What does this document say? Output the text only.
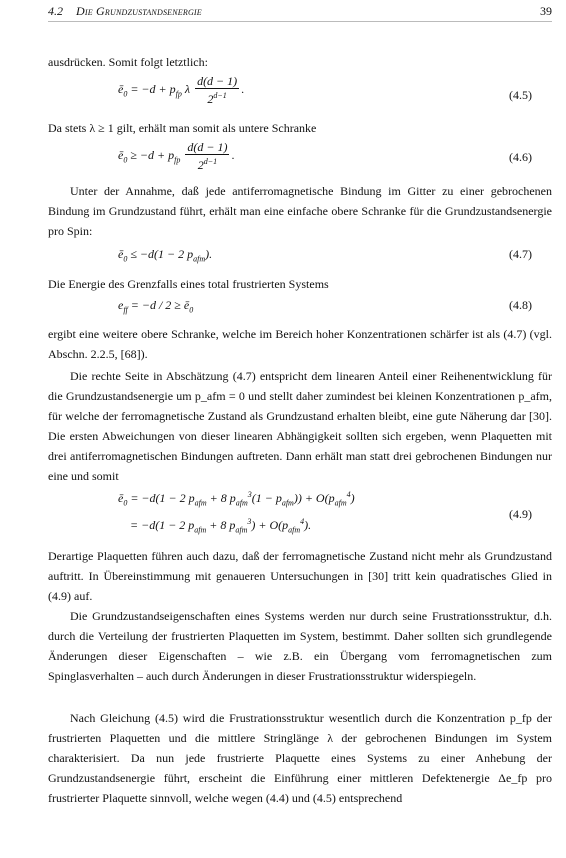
4.2 Die Grundzustandsenergie	39
ausdrücken. Somit folgt letztlich:
$ē_0 = -d + p_{fp}$ λ $\frac{d(d - 1)}{2^{d-1}}$ .	(4.5)
Da stets λ ≥ 1 gilt, erhält man somit als untere Schranke
$ē_0 \ge -d + p_{fp} \frac{d(d - 1)}{2^{d-1}}$ .	(4.6)
Unter der Annahme, daß jede antiferromagnetische Bindung im Gitter zu einer gebrochenen Bindung im Grundzustand führt, erhält man eine einfache obere Schranke für die Grundzustandsenergie pro Spin:
$ē_0 \le -d(1 - 2$ $p_{afm}$).	(4.7)
Die Energie des Grenzfalls eines total frustrierten Systems
$e_{ff} = -d / 2$ ≥ $ē_0$	(4.8)
ergibt eine weitere obere Schranke, welche im Bereich hoher Konzentrationen schärfer ist als (4.7) (vgl. Abschn. 2.2.5, [68]).
Die rechte Seite in Abschätzung (4.7) entspricht dem linearen Anteil einer Reihenentwicklung für die Grundzustandsenergie um p_afm = 0 und stellt daher zumindest bei kleinen Konzentrationen p_afm, für welche der ferromagnetische Zustand als Grundzustand erhalten bleibt, eine gute Näherung dar [30]. Die ersten Abweichungen von dieser linearen Abhängigkeit sollten sich ergeben, wenn Plaquetten mit drei antiferromagnetischen Bindungen auftreten. Dann erhält man statt drei gebrochenen Bindungen nur eine und somit
$ē_0 = -d(1 - 2$ $p_{afm} + 8$ $p_{afm}^3(1 - p_{afm})) + O(p_{afm}^4)$
= −d(1 − 2 $p_{afm} + 8$ $p_{afm}^3) + O(p_{afm}^4)$.
(4.9)
Derartige Plaquetten führen auch dazu, daß der ferromagnetische Zustand nicht mehr als Grundzustand auftritt. In Übereinstimmung mit genaueren Untersuchungen in [30] tritt kein quadratisches Glied in (4.9) auf.
Die Grundzustandseigenschaften eines Systems werden nur durch seine Frustrationsstruktur, d.h. durch die Verteilung der frustrierten Plaquetten im System, bestimmt. Daher sollten sich grundlegende Änderungen dieser Eigenschaften – wie z.B. ein Übergang vom ferromagnetischen zum Spinglasverhalten – auch durch Änderungen in dieser Frustrationsstruktur widerspiegeln.
Nach Gleichung (4.5) wird die Frustrationsstruktur wesentlich durch die Konzentration p_fp der frustrierten Plaquetten und die mittlere Stringlänge λ der gebrochenen Bindungen im System charakterisiert. Da nun jede frustrierte Plaquette eines Systems zu einer Anhebung der Grundzustandsenergie führt, erscheint die Einführung einer mittleren Defektenergie Δe_fp pro frustrierter Plaquette sinnvoll, welche wegen (4.4) und (4.5) entsprechend
